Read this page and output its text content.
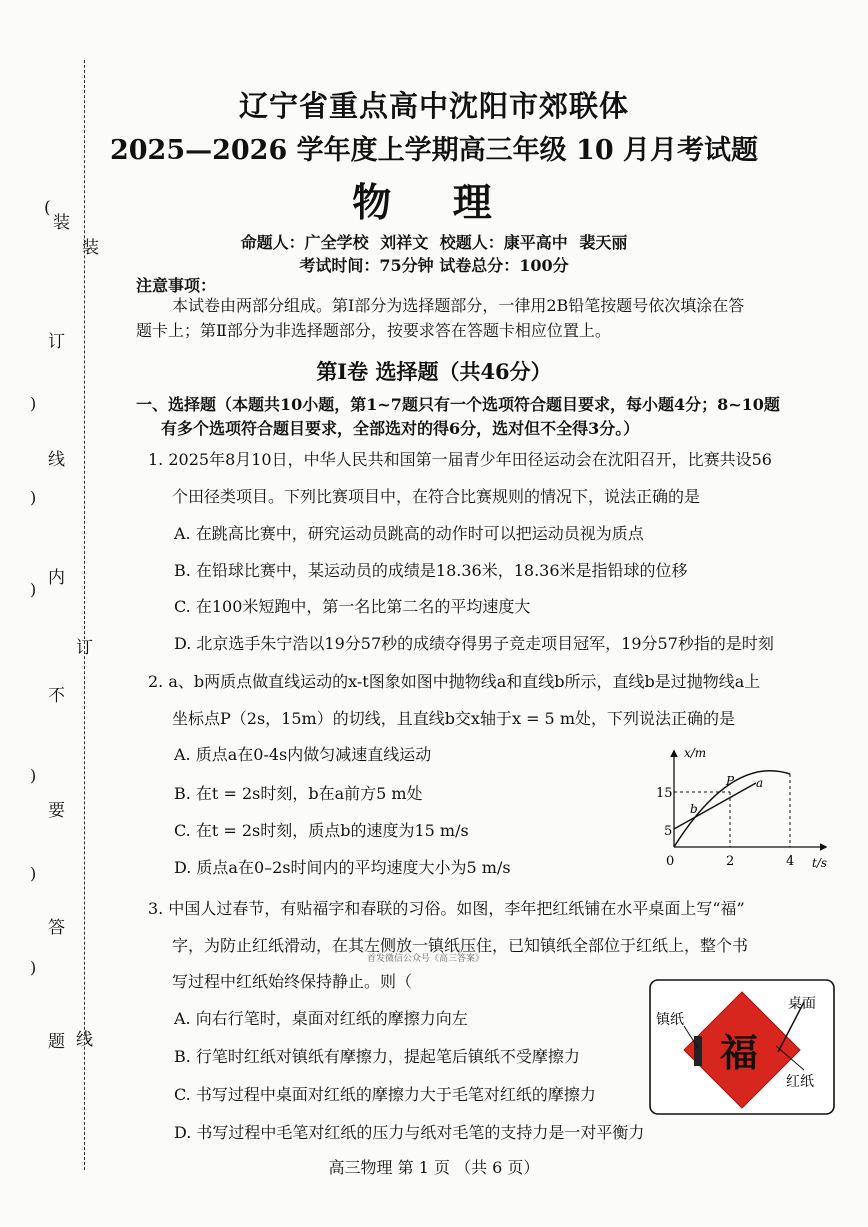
(
装
装
订
线
内
订
不
要
答
题 线
)
)
)
)
)
)
辽宁省重点高中沈阳市郊联体
2025—2026 学年度上学期高三年级 10 月月考试题
物 理
命题人：广全学校 刘祥文 校题人：康平高中 裴天丽
考试时间：75分钟 试卷总分：100分
注意事项：
本试卷由两部分组成。第Ⅰ部分为选择题部分，一律用2B铅笔按题号依次填涂在答
题卡上；第Ⅱ部分为非选择题部分，按要求答在答题卡相应位置上。
第Ⅰ卷 选择题（共46分）
一、选择题（本题共10小题，第1~7题只有一个选项符合题目要求，每小题4分；8~10题
有多个选项符合题目要求，全部选对的得6分，选对但不全得3分。）
1. 2025年8月10日，中华人民共和国第一届青少年田径运动会在沈阳召开，比赛共设56
个田径类项目。下列比赛项目中，在符合比赛规则的情况下，说法正确的是
A. 在跳高比赛中，研究运动员跳高的动作时可以把运动员视为质点
B. 在铅球比赛中，某运动员的成绩是18.36米，18.36米是指铅球的位移
C. 在100米短跑中，第一名比第二名的平均速度大
D. 北京选手朱宁浩以19分57秒的成绩夺得男子竞走项目冠军，19分57秒指的是时刻
2. a、b两质点做直线运动的x-t图象如图中抛物线a和直线b所示，直线b是过抛物线a上
坐标点P（2s，15m）的切线，且直线b交x轴于x = 5 m处，下列说法正确的是
A. 质点a在0-4s内做匀减速直线运动
B. 在t = 2s时刻，b在a前方5 m处
C. 在t = 2s时刻，质点b的速度为15 m/s
D. 质点a在0–2s时间内的平均速度大小为5 m/s
x/m
t/s
0	2	4
15
5
P a
b
3. 中国人过春节，有贴福字和春联的习俗。如图，李年把红纸铺在水平桌面上写“福”
字，为防止红纸滑动，在其左侧放一镇纸压住，已知镇纸全部位于红纸上，整个书
首发微信公众号《高三答案》
写过程中红纸始终保持静止。则（
A. 向右行笔时，桌面对红纸的摩擦力向左
B. 行笔时红纸对镇纸有摩擦力，提起笔后镇纸不受摩擦力
C. 书写过程中桌面对红纸的摩擦力大于毛笔对红纸的摩擦力
D. 书写过程中毛笔对红纸的压力与纸对毛笔的支持力是一对平衡力
福
桌面
镇纸
红纸
高三物理 第 1 页 （共 6 页）
